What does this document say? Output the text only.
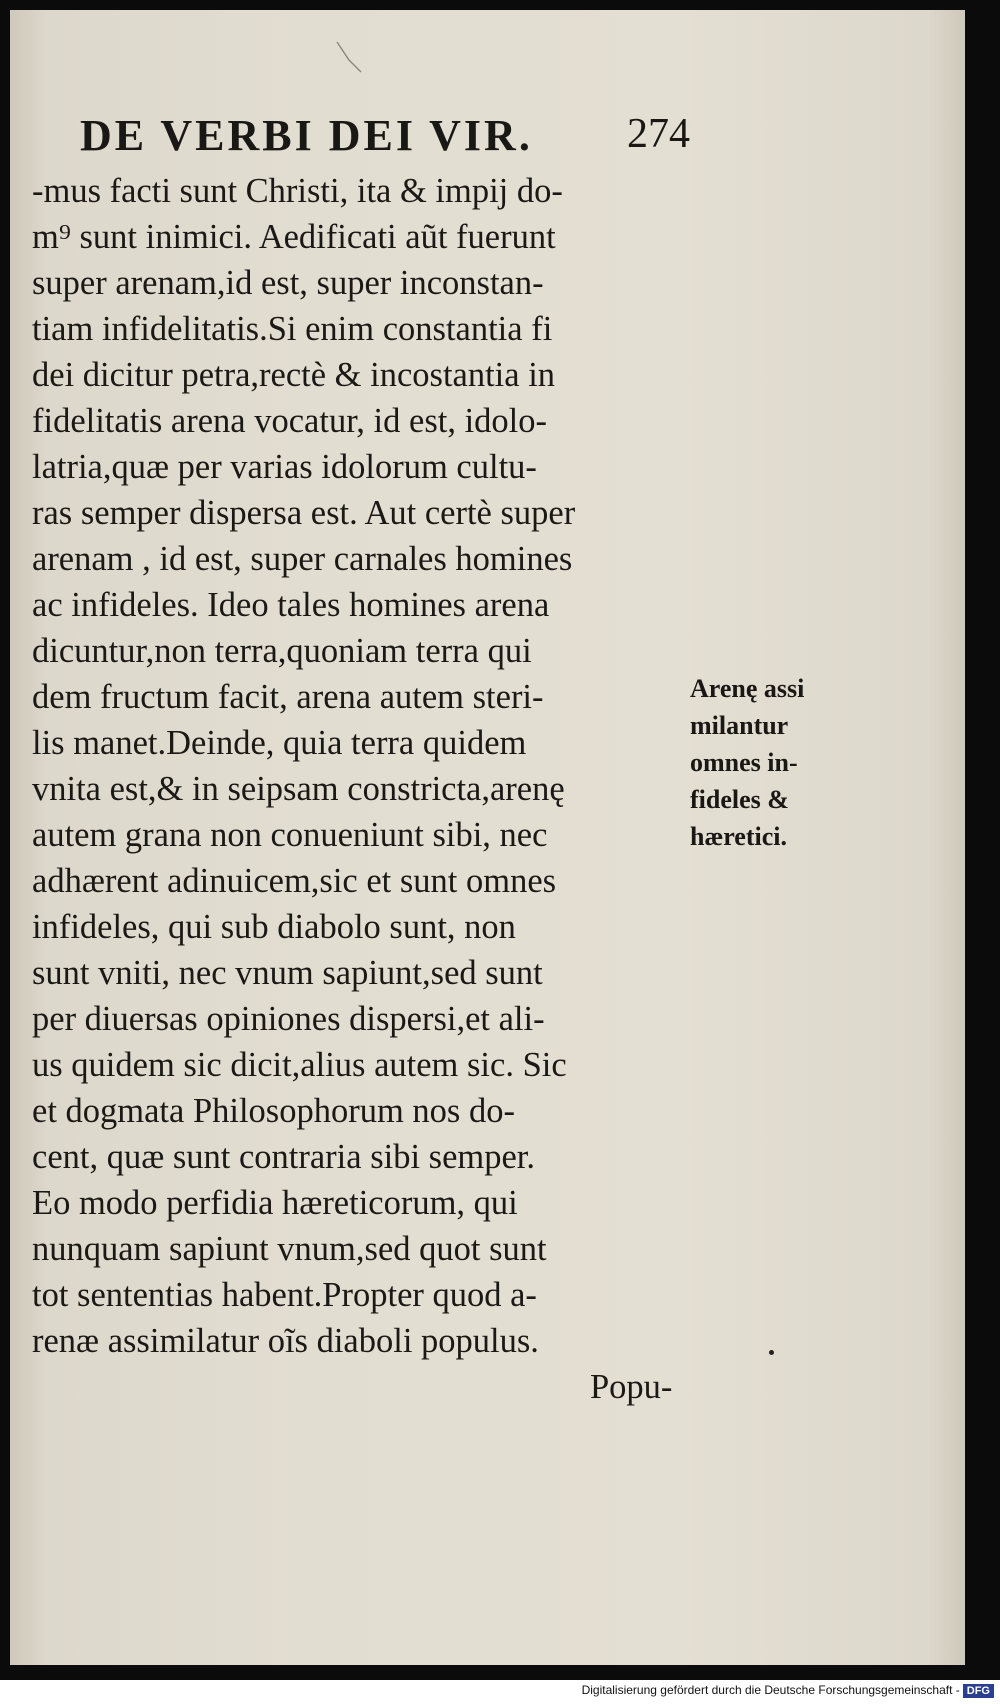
DE VERBI DEI VIR. 274
-mus facti sunt Christi, ita & impij do-
m⁹ sunt inimici. Aedificati aũt fuerunt
super arenam,id est, super inconstan-
tiam infidelitatis.Si enim constantia fi
dei dicitur petra,rectè & incostantia in
fidelitatis arena vocatur, id est, idolo-
latria,quæ per varias idolorum cultu-
ras semper dispersa est. Aut certè super
arenam , id est, super carnales homines
ac infideles. Ideo tales homines arena
dicuntur,non terra,quoniam terra qui
dem fructum facit, arena autem steri-
lis manet.Deinde, quia terra quidem
vnita est,& in seipsam constricta,arenę
autem grana non conueniunt sibi, nec
adhærent adinuicem,sic et sunt omnes
infideles, qui sub diabolo sunt, non
sunt vniti, nec vnum sapiunt,sed sunt
per diuersas opiniones dispersi,et ali-
us quidem sic dicit,alius autem sic. Sic
et dogmata Philosophorum nos do-
cent, quæ sunt contraria sibi semper.
Eo modo perfidia hæreticorum, qui
nunquam sapiunt vnum,sed quot sunt
tot sententias habent.Propter quod a-
renæ assimilatur oĩs diaboli populus.
Popu-
Arenę assi
milantur
omnes in-
fideles &
hæretici.
Digitalisierung gefördert durch die Deutsche Forschungsgemeinschaft - DFG
